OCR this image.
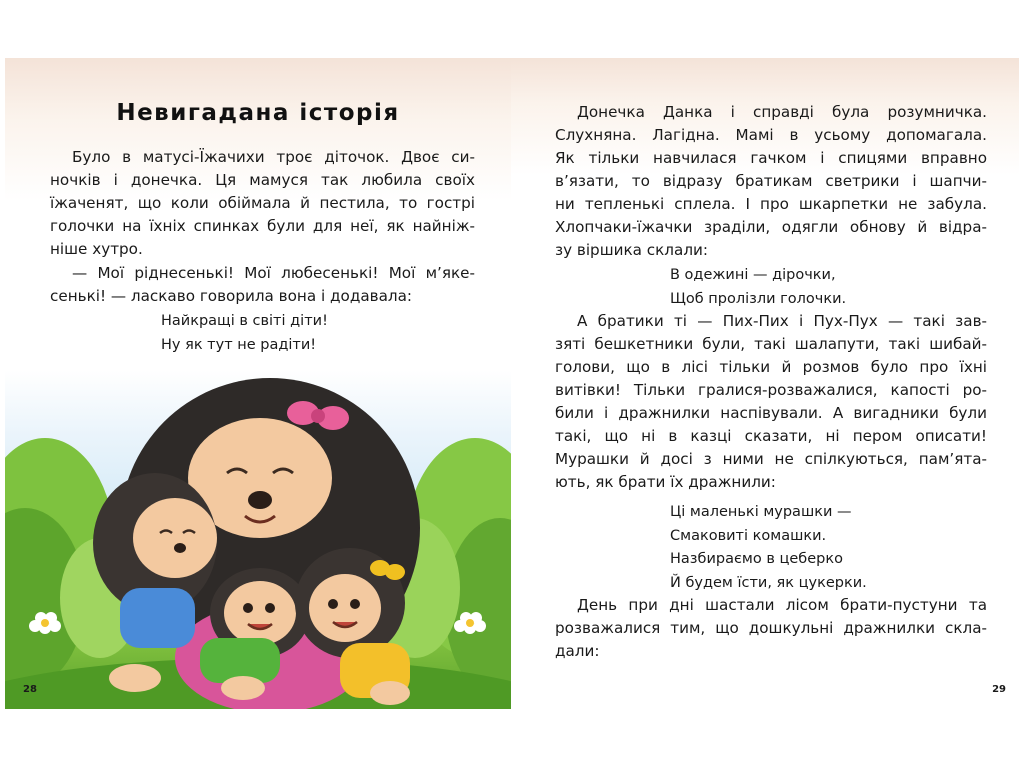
Невигадана історія
Було в матусі-Їжачихи троє діточок. Двоє си-
ночків і донечка. Ця мамуся так любила своїх
їжаченят, що коли обіймала й пестила, то гострі
голочки на їхніх спинках були для неї, як найніж-
ніше хутро.
— Мої ріднесенькі! Мої любесенькі! Мої м’яке-
сенькі! — ласкаво говорила вона і додавала:
Найкращі в світі діти!
Ну як тут не радіти!
28
Донечка Данка і справді була розумничка.
Слухняна. Лагідна. Мамі в усьому допомагала.
Як тільки навчилася гачком і спицями вправно
в’язати, то відразу братикам светрики і шапчи-
ни тепленькі сплела. І про шкарпетки не забула.
Хлопчаки-їжачки зраділи, одягли обнову й відра-
зу віршика склали:
В одежині — дірочки,
Щоб пролізли голочки.
А братики ті — Пих-Пих і Пух-Пух — такі зав-
зяті бешкетники були, такі шалапути, такі шибай-
голови, що в лісі тільки й розмов було про їхні
витівки! Тільки гралися-розважалися, капості ро-
били і дражнилки наспівували. А вигадники були
такі, що ні в казці сказати, ні пером описати!
Мурашки й досі з ними не спілкуються, пам’ята-
ють, як брати їх дражнили:
Ці маленькі мурашки —
Смаковиті комашки.
Назбираємо в цеберко
Й будем їсти, як цукерки.
День при дні шастали лісом брати-пустуни та
розважалися тим, що дошкульні дражнилки скла-
дали:
29
